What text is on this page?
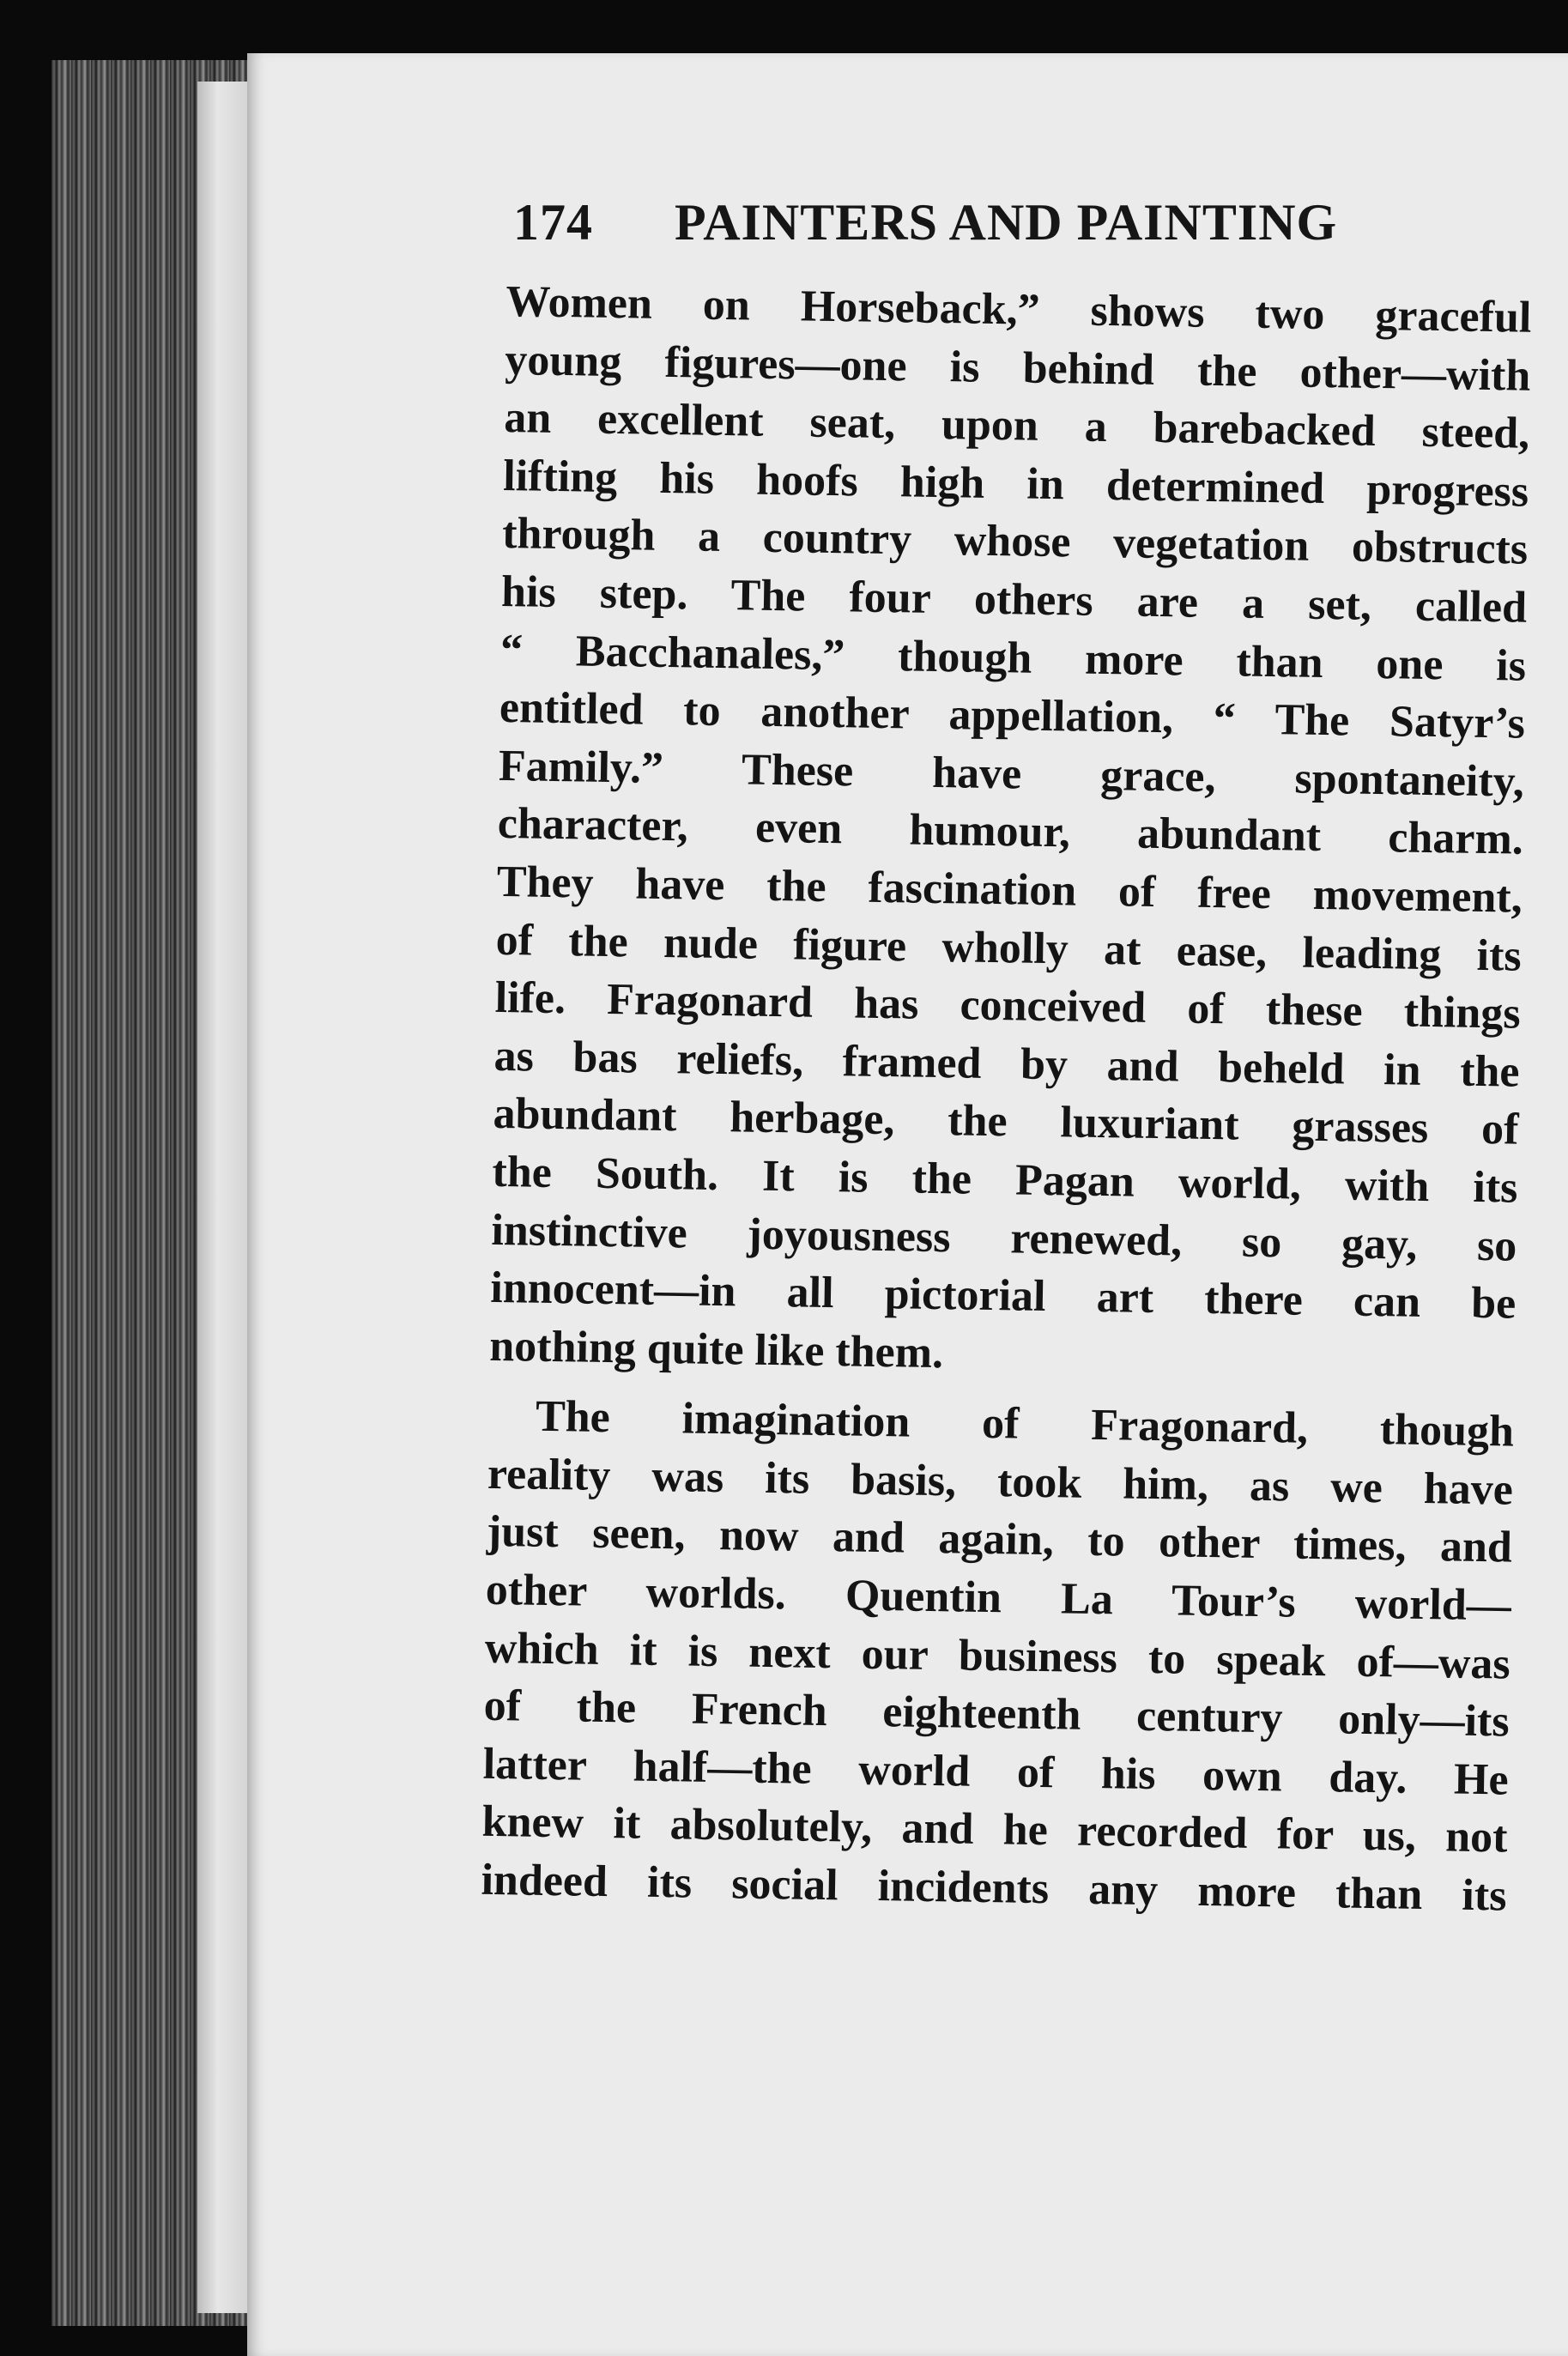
174 PAINTERS AND PAINTING
Women on Horseback,” shows two graceful
young figures—one is behind the other—with
an excellent seat, upon a barebacked steed,
lifting his hoofs high in determined progress
through a country whose vegetation obstructs
his step. The four others are a set, called
“ Bacchanales,” though more than one is
entitled to another appellation, “ The Satyr’s
Family.” These have grace, spontaneity,
character, even humour, abundant charm.
They have the fascination of free movement,
of the nude figure wholly at ease, leading its
life. Fragonard has conceived of these things
as bas reliefs, framed by and beheld in the
abundant herbage, the luxuriant grasses of
the South. It is the Pagan world, with its
instinctive joyousness renewed, so gay, so
innocent—in all pictorial art there can be
nothing quite like them.
The imagination of Fragonard, though
reality was its basis, took him, as we have
just seen, now and again, to other times, and
other worlds. Quentin La Tour’s world—
which it is next our business to speak of—was
of the French eighteenth century only—its
latter half—the world of his own day. He
knew it absolutely, and he recorded for us, not
indeed its social incidents any more than its
